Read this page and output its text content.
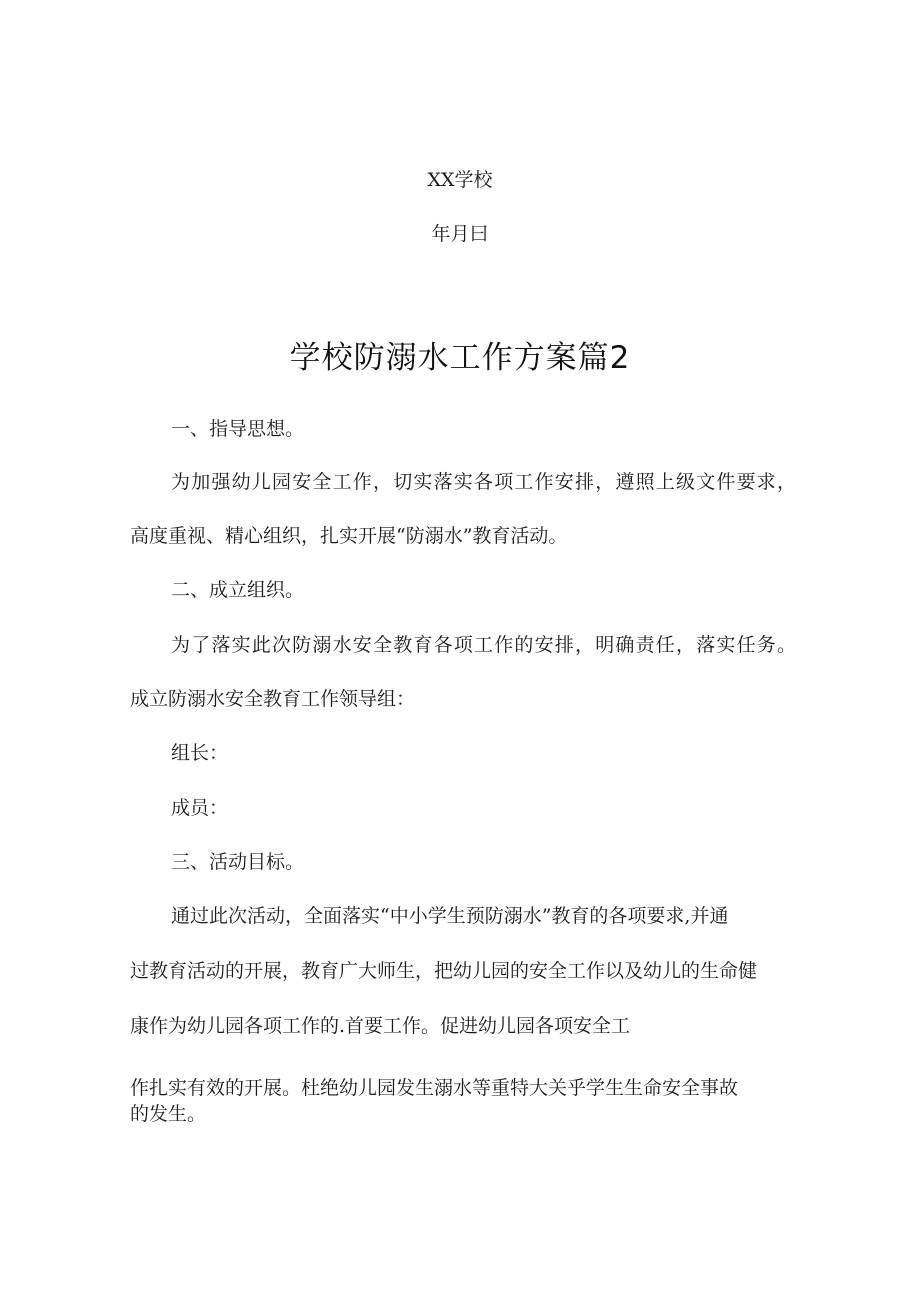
XX学校
年月曰
学校防溺水工作方案篇2
一、指导思想。
为加强幼儿园安全工作，切实落实各项工作安排，遵照上级文件要求，
高度重视、精心组织，扎实开展“防溺水”教育活动。
二、成立组织。
为了落实此次防溺水安全教育各项工作的安排，明确责任，落实任务。
成立防溺水安全教育工作领导组：
组长：
成员：
三、活动目标。
通过此次活动，全面落实“中小学生预防溺水”教育的各项要求,并通
过教育活动的开展，教育广大师生，把幼儿园的安全工作以及幼儿的生命健
康作为幼儿园各项工作的.首要工作。促进幼儿园各项安全工
作扎实有效的开展。杜绝幼儿园发生溺水等重特大关乎学生生命安全事故
的发生。
